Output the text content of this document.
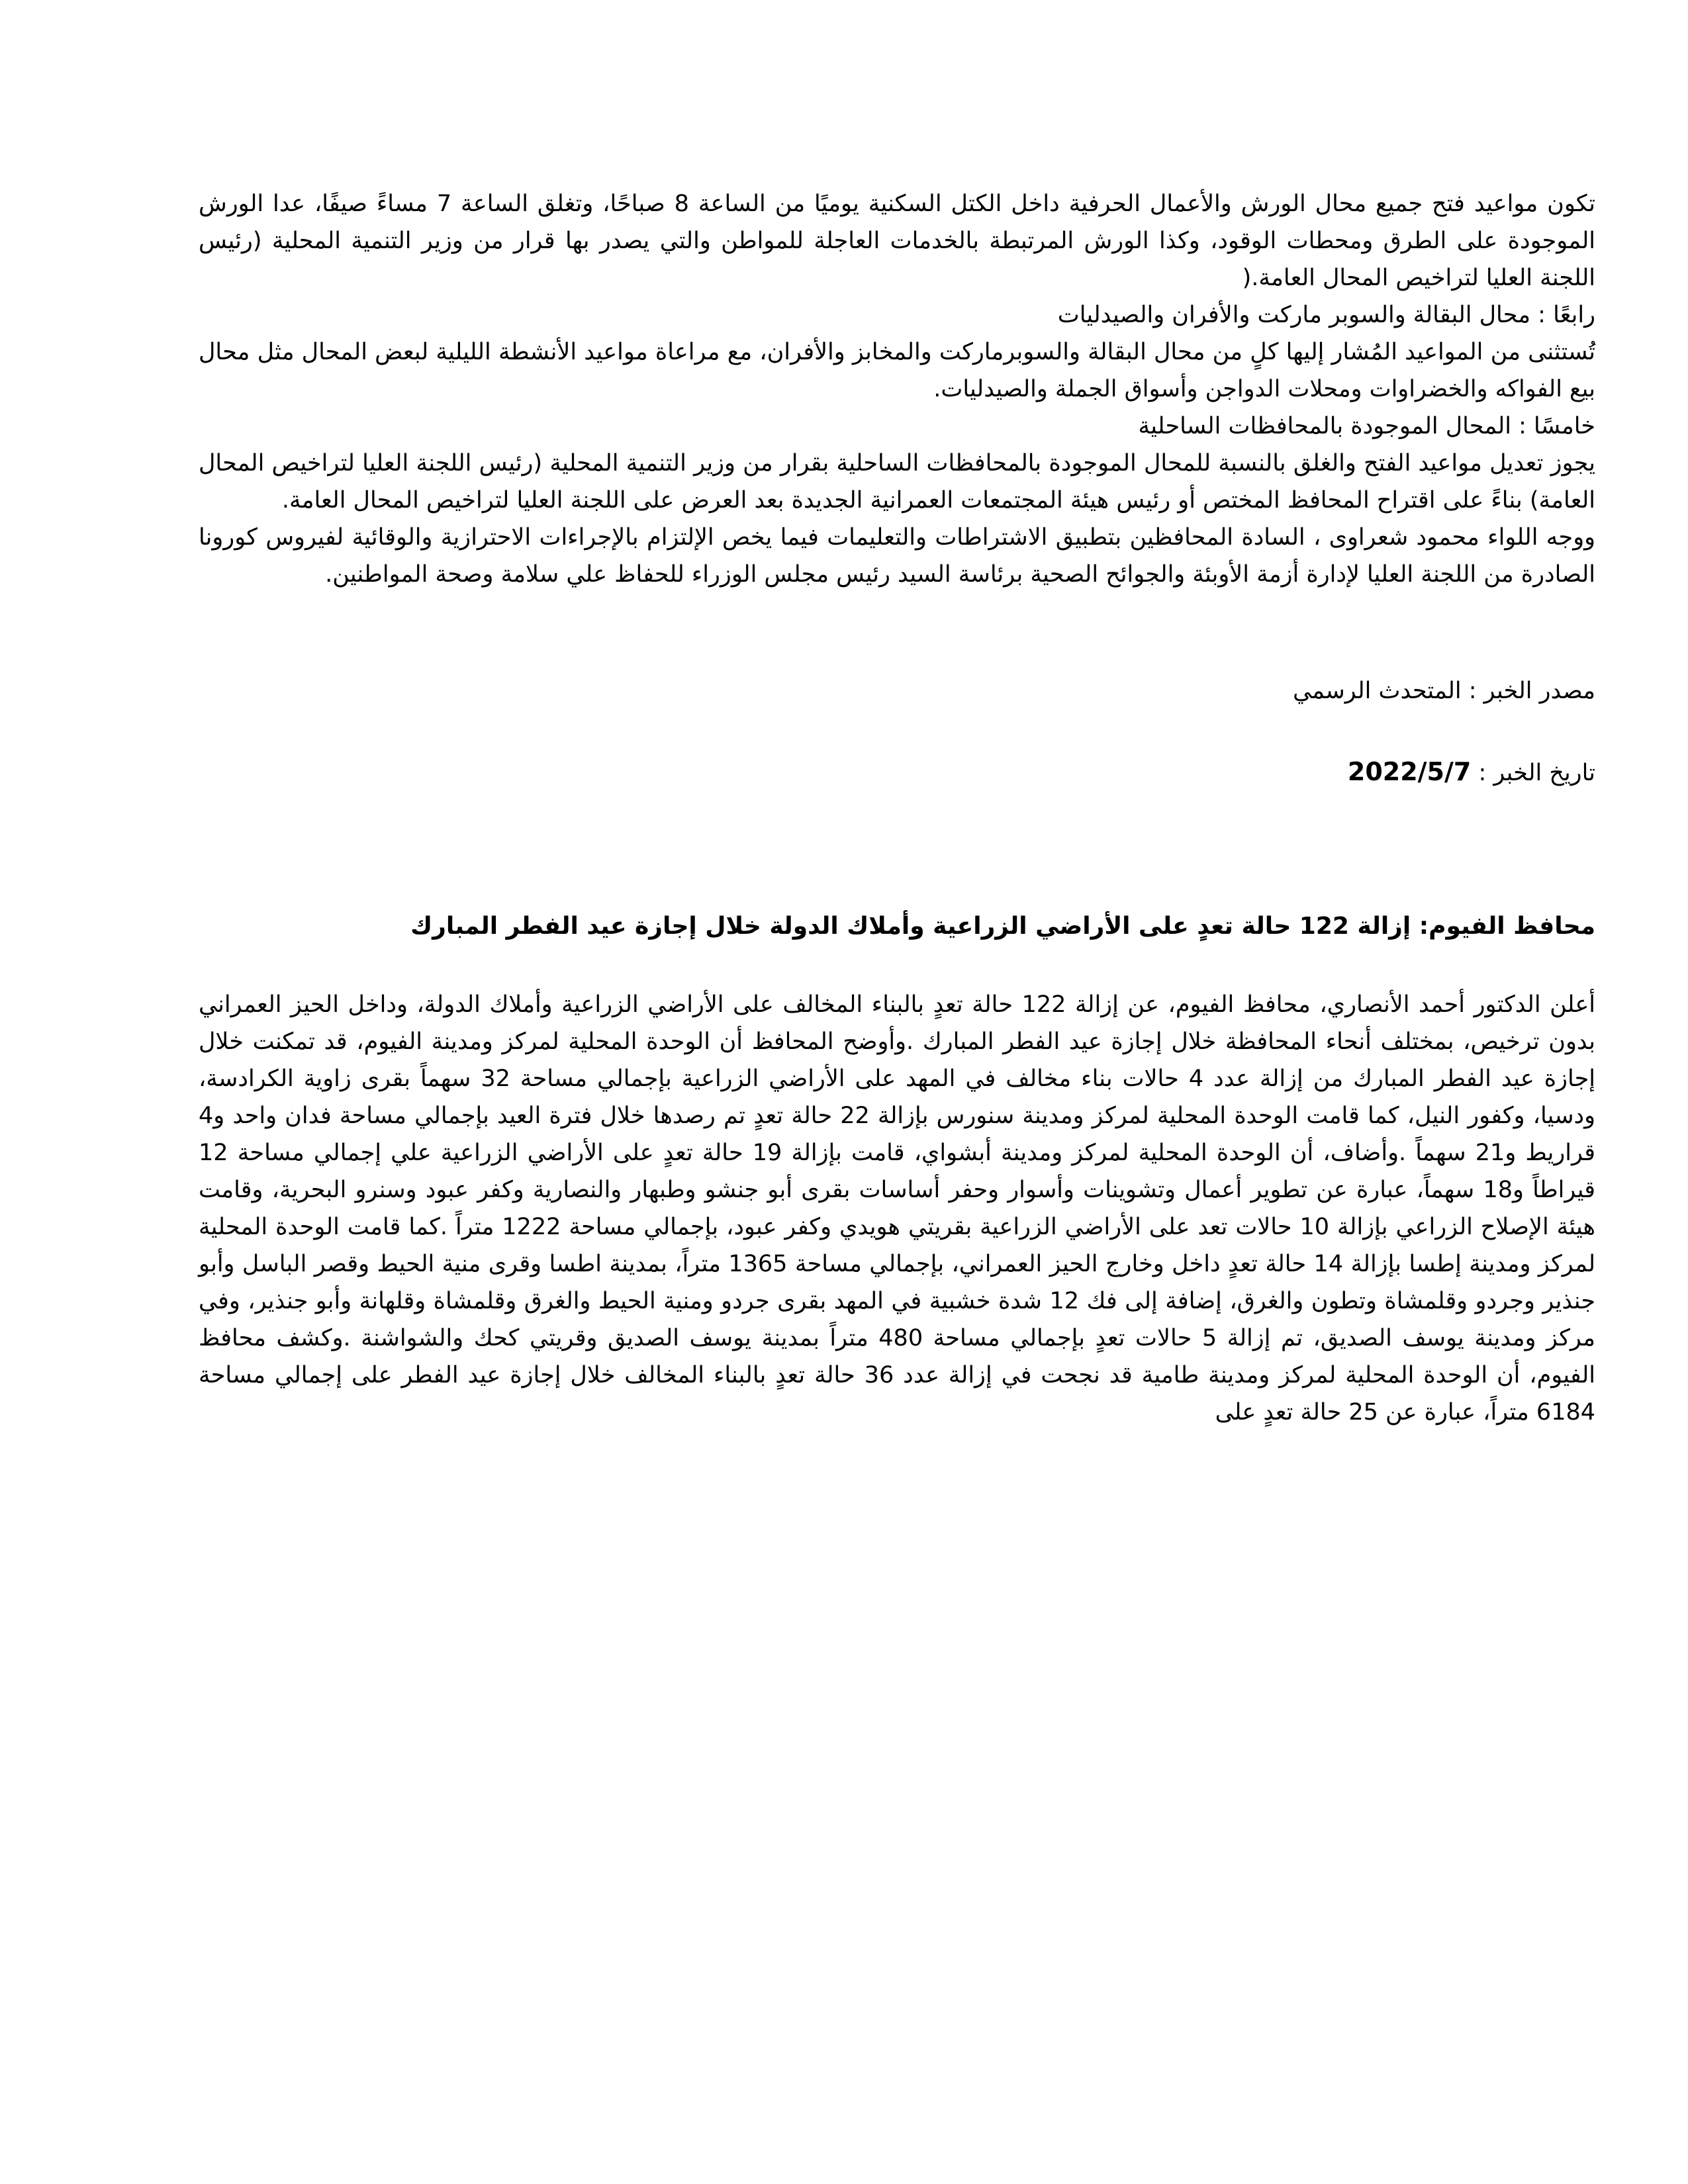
تكون مواعيد فتح جميع محال الورش والأعمال الحرفية داخل الكتل السكنية يوميًا من الساعة 8 صباحًا، وتغلق الساعة 7 مساءً صيفًا، عدا الورش الموجودة على الطرق ومحطات الوقود، وكذا الورش المرتبطة بالخدمات العاجلة للمواطن والتي يصدر بها قرار من وزير التنمية المحلية (رئيس اللجنة العليا لتراخيص المحال العامة.(

رابعًا : محال البقالة والسوبر ماركت والأفران والصيدليات

تُستثنى من المواعيد المُشار إليها كلٍ من محال البقالة والسوبرماركت والمخابز والأفران، مع مراعاة مواعيد الأنشطة الليلية لبعض المحال مثل محال بيع الفواكه والخضراوات ومحلات الدواجن وأسواق الجملة والصيدليات.

خامسًا : المحال الموجودة بالمحافظات الساحلية

يجوز تعديل مواعيد الفتح والغلق بالنسبة للمحال الموجودة بالمحافظات الساحلية بقرار من وزير التنمية المحلية (رئيس اللجنة العليا لتراخيص المحال العامة) بناءً على اقتراح المحافظ المختص أو رئيس هيئة المجتمعات العمرانية الجديدة بعد العرض على اللجنة العليا لتراخيص المحال العامة.

ووجه اللواء محمود شعراوى ، السادة المحافظين بتطبيق الاشتراطات والتعليمات فيما يخص الإلتزام بالإجراءات الاحترازية والوقائية لفيروس كورونا الصادرة من اللجنة العليا لإدارة أزمة الأوبئة والجوائح الصحية برئاسة السيد رئيس مجلس الوزراء للحفاظ علي سلامة وصحة المواطنين.

مصدر الخبر : المتحدث الرسمي

تاريخ الخبر : 2022/5/7

محافظ الفيوم: إزالة 122 حالة تعدٍ على الأراضي الزراعية وأملاك الدولة خلال إجازة عيد الفطر المبارك

أعلن الدكتور أحمد الأنصاري، محافظ الفيوم، عن إزالة 122 حالة تعدٍ بالبناء المخالف على الأراضي الزراعية وأملاك الدولة، وداخل الحيز العمراني بدون ترخيص، بمختلف أنحاء المحافظة خلال إجازة عيد الفطر المبارك .وأوضح المحافظ أن الوحدة المحلية لمركز ومدينة الفيوم، قد تمكنت خلال إجازة عيد الفطر المبارك من إزالة عدد 4 حالات بناء مخالف في المهد على الأراضي الزراعية بإجمالي مساحة 32 سهماً بقرى زاوية الكرادسة، ودسيا، وكفور النيل، كما قامت الوحدة المحلية لمركز ومدينة سنورس بإزالة 22 حالة تعدٍ تم رصدها خلال فترة العيد بإجمالي مساحة فدان واحد و4 قراريط و21 سهماً .وأضاف، أن الوحدة المحلية لمركز ومدينة أبشواي، قامت بإزالة 19 حالة تعدٍ على الأراضي الزراعية علي إجمالي مساحة 12 قيراطاً و18 سهماً، عبارة عن تطوير أعمال وتشوينات وأسوار وحفر أساسات بقرى أبو جنشو وطبهار والنصارية وكفر عبود وسنرو البحرية، وقامت هيئة الإصلاح الزراعي بإزالة 10 حالات تعد على الأراضي الزراعية بقريتي هويدي وكفر عبود، بإجمالي مساحة 1222 متراً .كما قامت الوحدة المحلية لمركز ومدينة إطسا بإزالة 14 حالة تعدٍ داخل وخارج الحيز العمراني، بإجمالي مساحة 1365 متراً، بمدينة اطسا وقرى منية الحيط وقصر الباسل وأبو جنذير وجردو وقلمشاة وتطون والغرق، إضافة إلى فك 12 شدة خشبية في المهد بقرى جردو ومنية الحيط والغرق وقلمشاة وقلهانة وأبو جنذير، وفي مركز ومدينة يوسف الصديق، تم إزالة 5 حالات تعدٍ بإجمالي مساحة 480 متراً بمدينة يوسف الصديق وقريتي كحك والشواشنة .وكشف محافظ الفيوم، أن الوحدة المحلية لمركز ومدينة طامية قد نجحت في إزالة عدد 36 حالة تعدٍ بالبناء المخالف خلال إجازة عيد الفطر على إجمالي مساحة 6184 متراً، عبارة عن 25 حالة تعدٍ على
